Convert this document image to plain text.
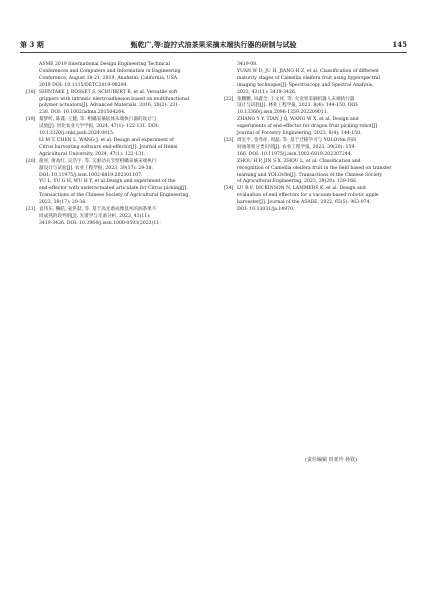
第 3 期	甄乾广,等:旋拧式油茶果采摘末端执行器的研制与试验	145
ASME 2019 International Design Engineering Technical
Conferences and Computers and Information in Engineering
Conference, August 18-21, 2019, Anaheim, California, USA.
2019 DOI: 10.1115/DETC2019-98294.
[18] SHINTAKE J, ROSSET S, SCHUBERT B, et al. Versatile soft
grippers with intrinsic electroadhesion based on multifunctional
polymer actuators[J]. Advanced Materials, 2016, 28(2): 231-
238. DOI: 10.1002/adma.201504264.
[19] 黎梦昕, 陈谨, 王健, 等. 柑橘采摘软体末端执行器的设计与
试验[J]. 河北农业大学学报, 2024, 47(1): 122-131. DOI:
10.13320/j.cnki.jauh.2024.0015.
LI M T, CHEN L, WANG J, et al. Design and experiment of
Citrus harvesting software end-effector[J]. Journal of Hebei
Agricultural University, 2024, 47(1): 122-131.
[20] 俞亮, 俞高红, 吴浩宇, 等. 欠驱动关节型柑橘采摘末端执行
器设计与试验[J]. 农业工程学报, 2023, 39(17): 29-38.
DOI: 10.11975/j.issn.1002-6819.202301107.
YU L, YU G H, WU H Y, et al.Design and experiment of the
end-effector with underactuated articulate for Citrus picking[J].
Transactions of the Chinese Society of Agricultural Engineering,
2023, 39(17): 29-38.
[21] 袁伟东, 鞠皓, 姜洪喆, 等. 基于高光谱成像技术的油茶果不
同成熟阶段判别[J]. 光谱学与光谱分析, 2023, 43(11):
3419-3426. DOI: 10.3964/j.issn.1000-0593(2023)11-
3419-08.
YUAN W D, JU H, JIANG H Z, et al. Classification of different
maturity stages of Camellia oleifera fruit using hyperspectral
imaging technique[J]. Spectroscopy and Spectral Analysis,
2023, 43(11): 3419-3426.
[22] 张鹏鹏, 田鑫全, 王文祥, 等. 火龙果采摘机器人末端执行器
设计与试验[J]. 林业工程学报, 2023, 8(4): 144-150. DOI:
10.13360/j.issn.2096-1359.202209011.
ZHANG Y Y, TIAN J Q, WANG W X, et al. Design and
experiments of end-effector for dragon fruit picking robot[J].
Journal of Forestry Engineering, 2023, 8(4): 144-150.
[23] 周宏平, 金寿祥, 周磊, 等. 基于迁移学习与 YOLOv8n 的田
间油茶果分类识别[J]. 农业工程学报, 2023, 39(20): 159-
166. DOI: 10.11975/j.issn.1002-6819.202307244.
ZHOU H P, JIN S X, ZHOU L, et al. Classification and
recognition of Camellia oleifera fruit in the field based on transfer
learning and YOLOv8n[J]. Transactions of the Chinese Society
of Agricultural Engineering, 2023, 39(20): 159-166.
[24] LU R F, DICKINSON N, LAMMERS K, et al. Design and
evaluation of end effectors for a vacuum-based robotic apple
harvester[J]. Journal of the ASABE, 2022, 65(5): 963-974.
DOI: 10.13031/ja.14970.
(责任编辑 田亚玲 孙钦)
